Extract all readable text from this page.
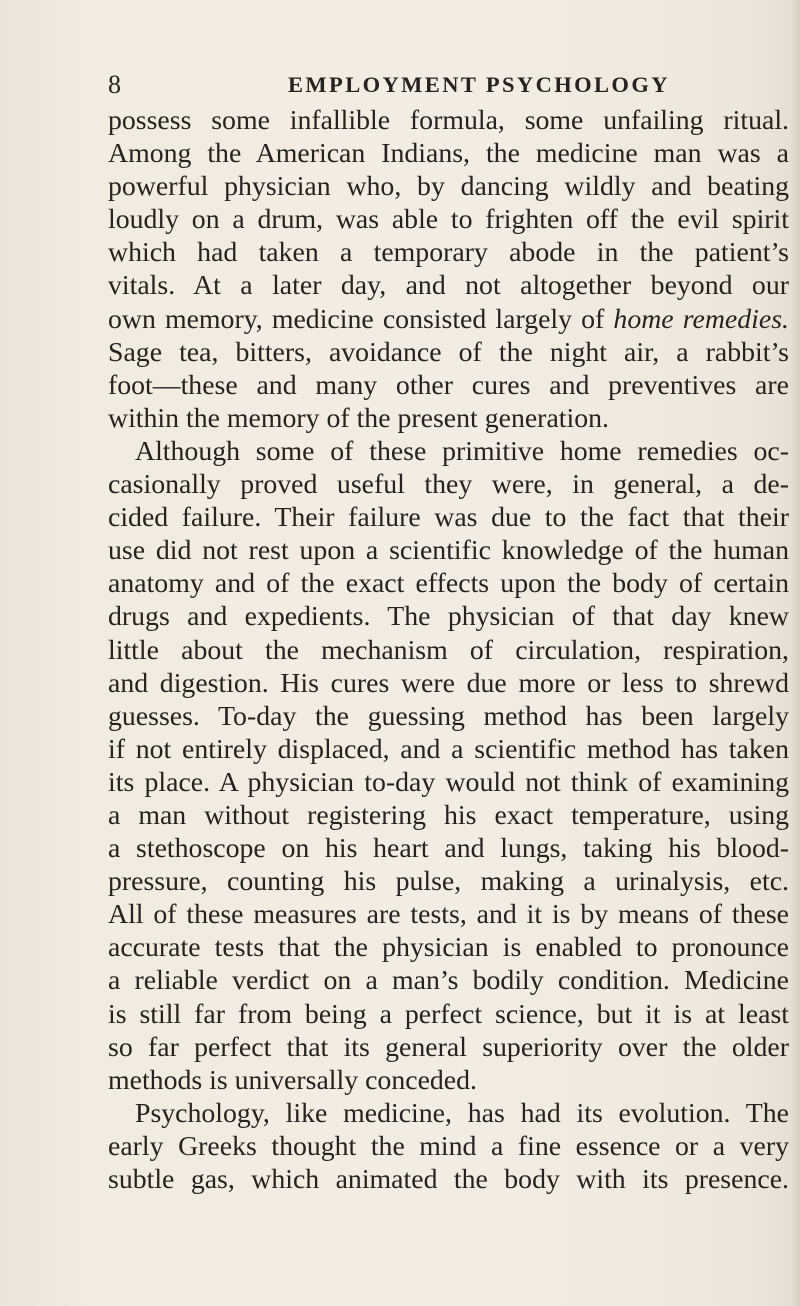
8	EMPLOYMENT PSYCHOLOGY
possess some infallible formula, some unfailing ritual.
Among the American Indians, the medicine man was a
powerful physician who, by dancing wildly and beating
loudly on a drum, was able to frighten off the evil spirit
which had taken a temporary abode in the patient’s
vitals. At a later day, and not altogether beyond our
own memory, medicine consisted largely of home remedies.
Sage tea, bitters, avoidance of the night air, a rabbit’s
foot—these and many other cures and preventives are
within the memory of the present generation.
Although some of these primitive home remedies oc-
casionally proved useful they were, in general, a de-
cided failure. Their failure was due to the fact that their
use did not rest upon a scientific knowledge of the human
anatomy and of the exact effects upon the body of certain
drugs and expedients. The physician of that day knew
little about the mechanism of circulation, respiration,
and digestion. His cures were due more or less to shrewd
guesses. To-day the guessing method has been largely
if not entirely displaced, and a scientific method has taken
its place. A physician to-day would not think of examining
a man without registering his exact temperature, using
a stethoscope on his heart and lungs, taking his blood-
pressure, counting his pulse, making a urinalysis, etc.
All of these measures are tests, and it is by means of these
accurate tests that the physician is enabled to pronounce
a reliable verdict on a man’s bodily condition. Medicine
is still far from being a perfect science, but it is at least
so far perfect that its general superiority over the older
methods is universally conceded.
Psychology, like medicine, has had its evolution. The
early Greeks thought the mind a fine essence or a very
subtle gas, which animated the body with its presence.
